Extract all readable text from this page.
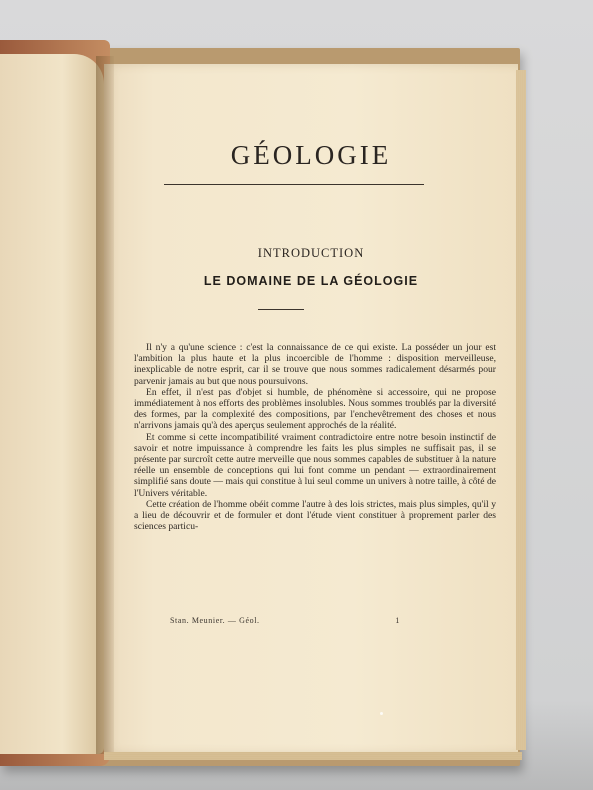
GÉOLOGIE
INTRODUCTION
LE DOMAINE DE LA GÉOLOGIE

Il n'y a qu'une science : c'est la connaissance de ce qui existe. La posséder un jour est l'ambition la plus haute et la plus incoercible de l'homme : disposition merveilleuse, inexplicable de notre esprit, car il se trouve que nous sommes radicalement désarmés pour parvenir jamais au but que nous poursuivons.

En effet, il n'est pas d'objet si humble, de phénomène si accessoire, qui ne propose immédiatement à nos efforts des problèmes insolubles. Nous sommes troublés par la diversité des formes, par la complexité des compositions, par l'enchevêtrement des choses et nous n'arrivons jamais qu'à des aperçus seulement approchés de la réalité.

Et comme si cette incompatibilité vraiment contradictoire entre notre besoin instinctif de savoir et notre impuissance à comprendre les faits les plus simples ne suffisait pas, il se présente par surcroît cette autre merveille que nous sommes capables de substituer à la nature réelle un ensemble de conceptions qui lui font comme un pendant — extraordinairement simplifié sans doute — mais qui constitue à lui seul comme un univers à notre taille, à côté de l'Univers véritable.

Cette création de l'homme obéit comme l'autre à des lois strictes, mais plus simples, qu'il y a lieu de découvrir et de formuler et dont l'étude vient constituer à proprement parler des sciences particu-

Stan. Meunier. — Géol.	1
